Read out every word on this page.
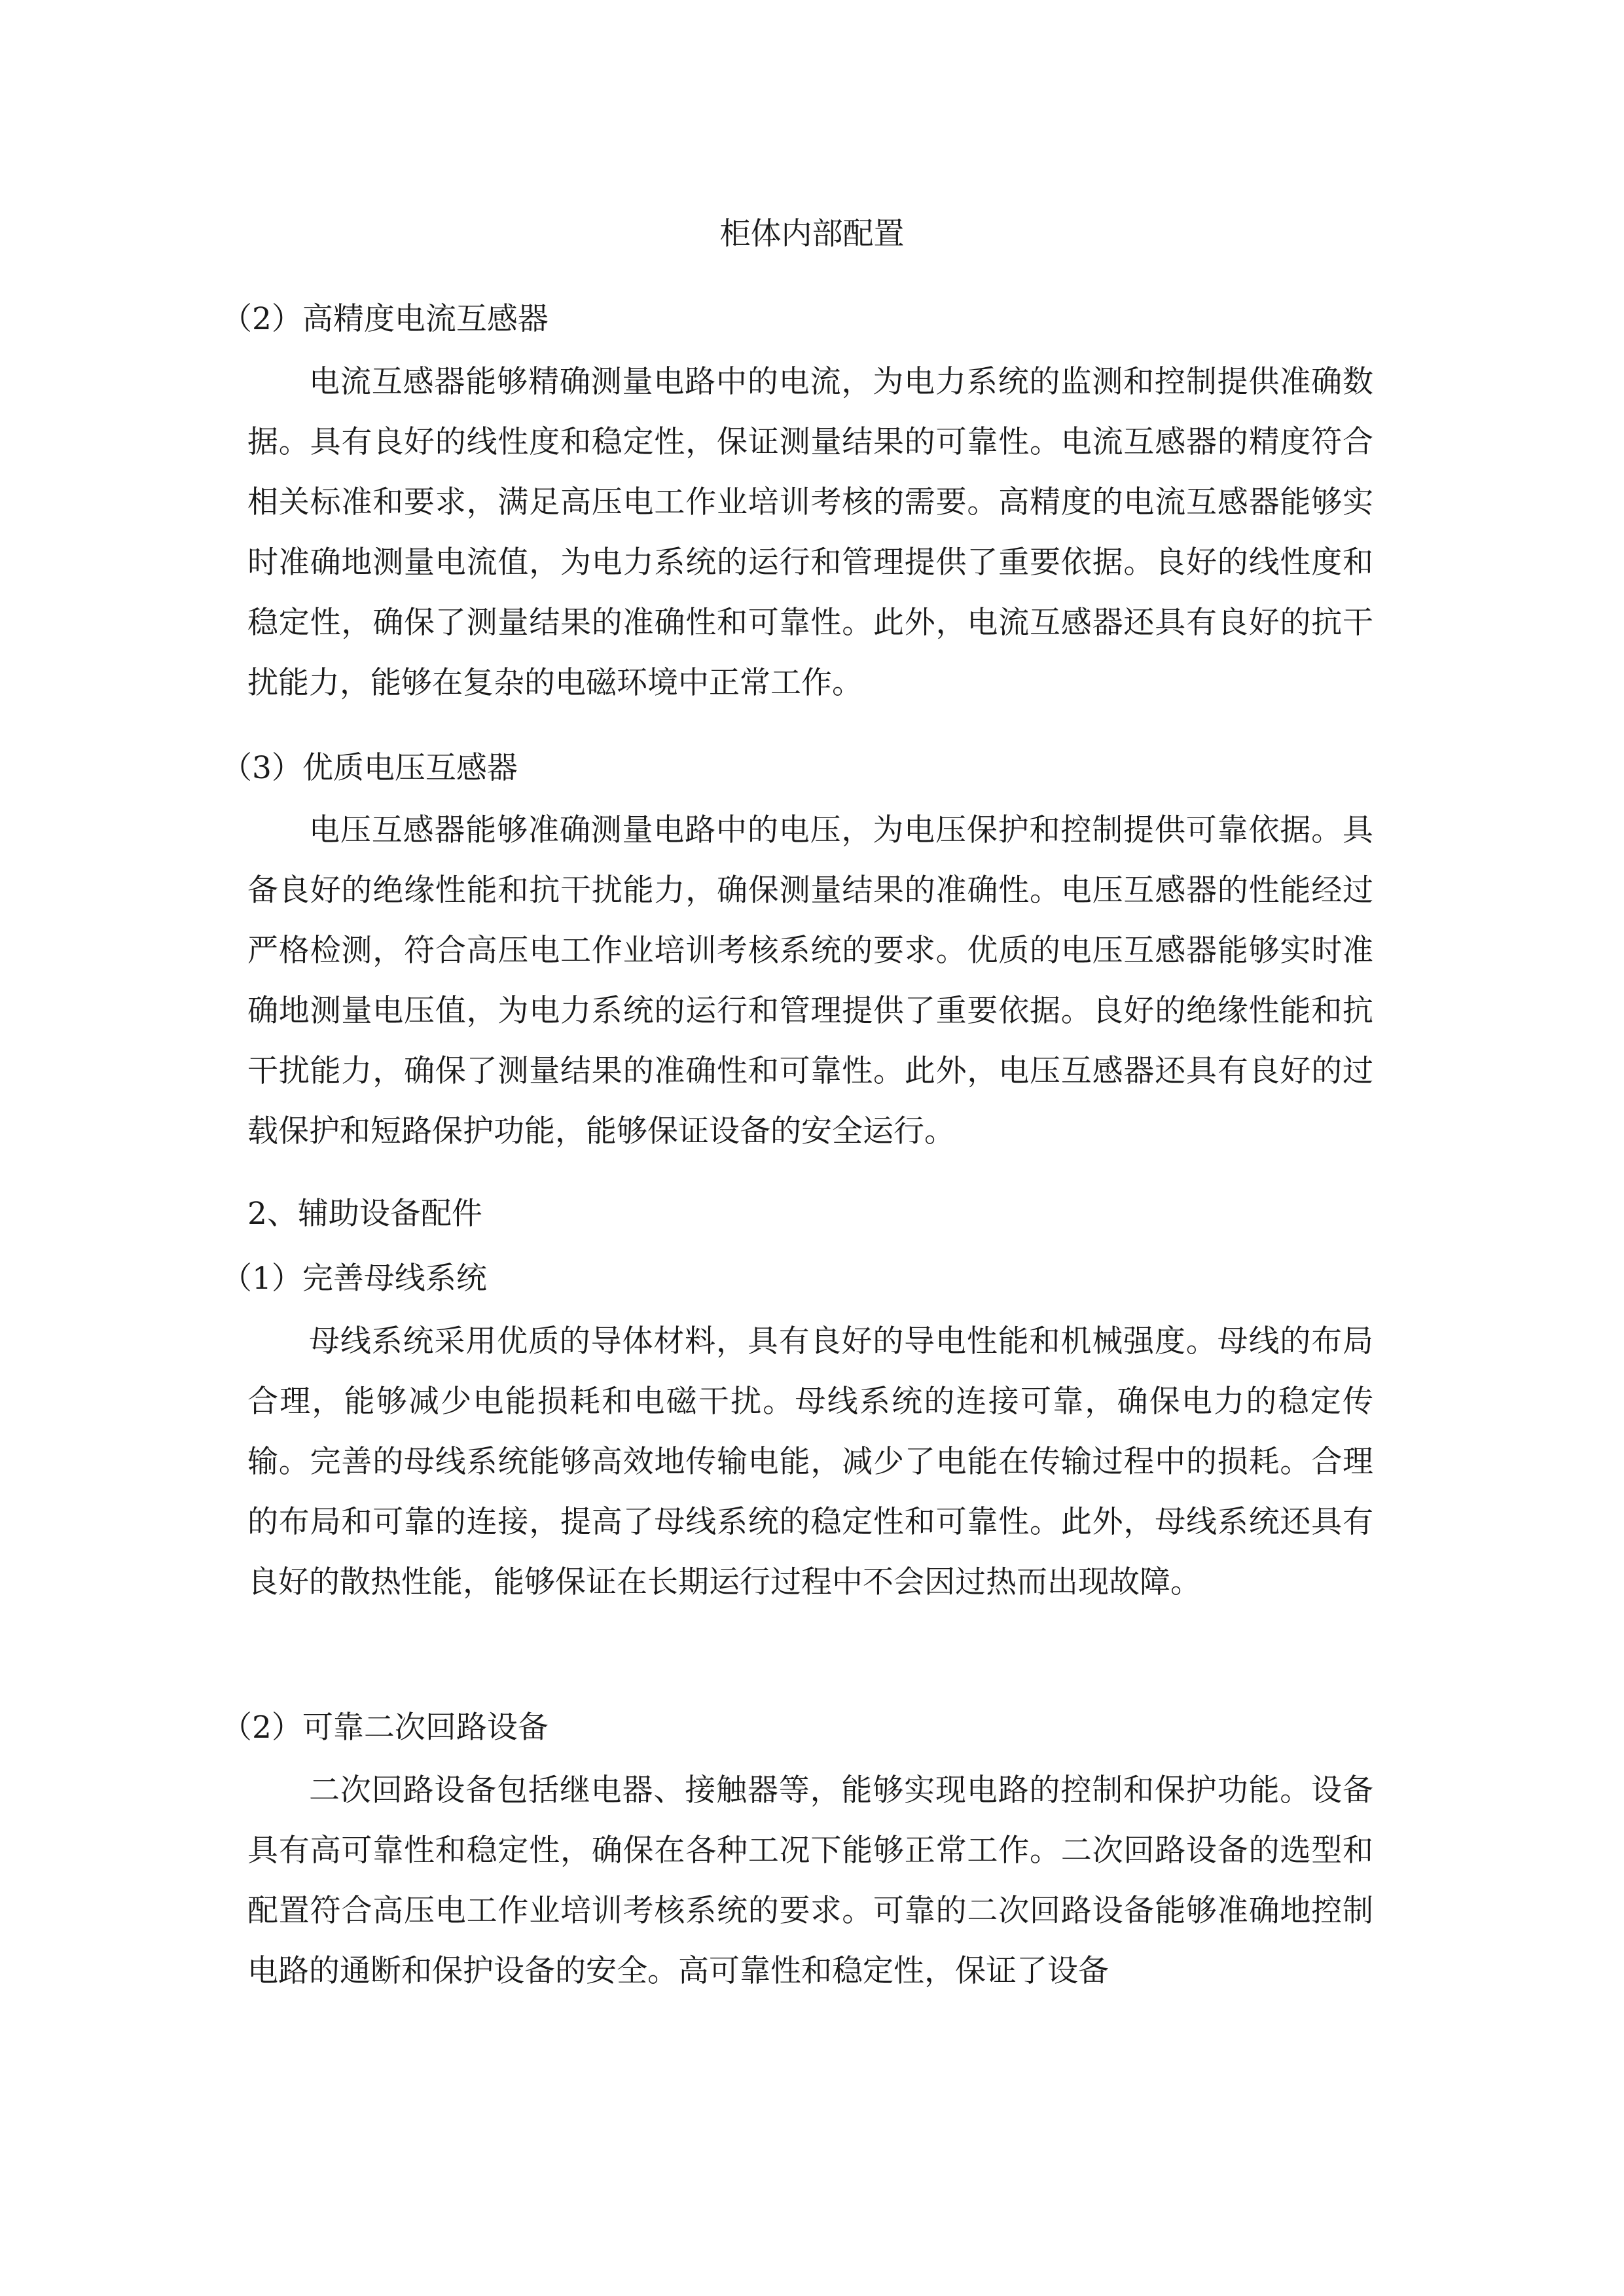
柜体内部配置
（2）高精度电流互感器

电流互感器能够精确测量电路中的电流，为电力系统的监测和控制提供准确数据。具有良好的线性度和稳定性，保证测量结果的可靠性。电流互感器的精度符合相关标准和要求，满足高压电工作业培训考核的需要。高精度的电流互感器能够实时准确地测量电流值，为电力系统的运行和管理提供了重要依据。良好的线性度和稳定性，确保了测量结果的准确性和可靠性。此外，电流互感器还具有良好的抗干扰能力，能够在复杂的电磁环境中正常工作。

（3）优质电压互感器

电压互感器能够准确测量电路中的电压，为电压保护和控制提供可靠依据。具备良好的绝缘性能和抗干扰能力，确保测量结果的准确性。电压互感器的性能经过严格检测，符合高压电工作业培训考核系统的要求。优质的电压互感器能够实时准确地测量电压值，为电力系统的运行和管理提供了重要依据。良好的绝缘性能和抗干扰能力，确保了测量结果的准确性和可靠性。此外，电压互感器还具有良好的过载保护和短路保护功能，能够保证设备的安全运行。

2、辅助设备配件
（1）完善母线系统

母线系统采用优质的导体材料，具有良好的导电性能和机械强度。母线的布局合理，能够减少电能损耗和电磁干扰。母线系统的连接可靠，确保电力的稳定传输。完善的母线系统能够高效地传输电能，减少了电能在传输过程中的损耗。合理的布局和可靠的连接，提高了母线系统的稳定性和可靠性。此外，母线系统还具有良好的散热性能，能够保证在长期运行过程中不会因过热而出现故障。

（2）可靠二次回路设备

二次回路设备包括继电器、接触器等，能够实现电路的控制和保护功能。设备具有高可靠性和稳定性，确保在各种工况下能够正常工作。二次回路设备的选型和配置符合高压电工作业培训考核系统的要求。可靠的二次回路设备能够准确地控制电路的通断和保护设备的安全。高可靠性和稳定性，保证了设备
